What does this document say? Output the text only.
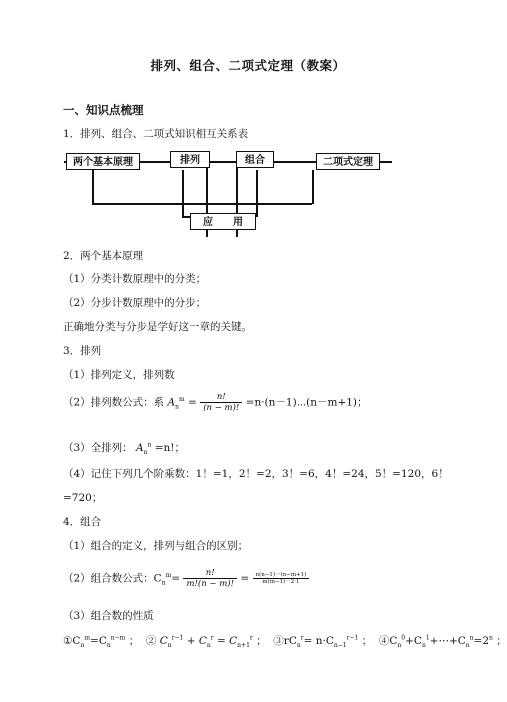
排列、组合、二项式定理（教案）
一、知识点梳理
1．排列、组合、二项式知识相互关系表
两个基本原理	排列	组合	二项式定理
应　　用
2．两个基本原理
（1）分类计数原理中的分类；
（2）分步计数原理中的分步；
正确地分类与分步是学好这一章的关键。
3．排列
（1）排列定义，排列数
（2）排列数公式：系 $A_n^m = \frac{n!}{(n - m)!}$ =n·(n－1)⋯(n－m+1)；
（3）全排列： $A_n^n =n$!；
（4）记住下列几个阶乘数：1！=1，2！=2，3！=6，4！=24，5！=120，6！
=720；
4．组合
（1）组合的定义，排列与组合的区别；
（2）组合数公式：$C_n^m= \frac{n!}{m!(n - m)!} = \frac{n(n-1)\cdots(n-m+1)}{m(m-1)\cdots 2\cdot 1}$
（3）组合数的性质
$①C_n^m=C_n^{n-m}$ ； ② $C_n^{r-1} + C_n^r = C_{n+1}^r$ ； $③rC_n^r= n\cdot C_{n-1}^{r-1}$ ； $④C_n^0+C_n^1+\cdots+C_n^n=2^n$ ；
